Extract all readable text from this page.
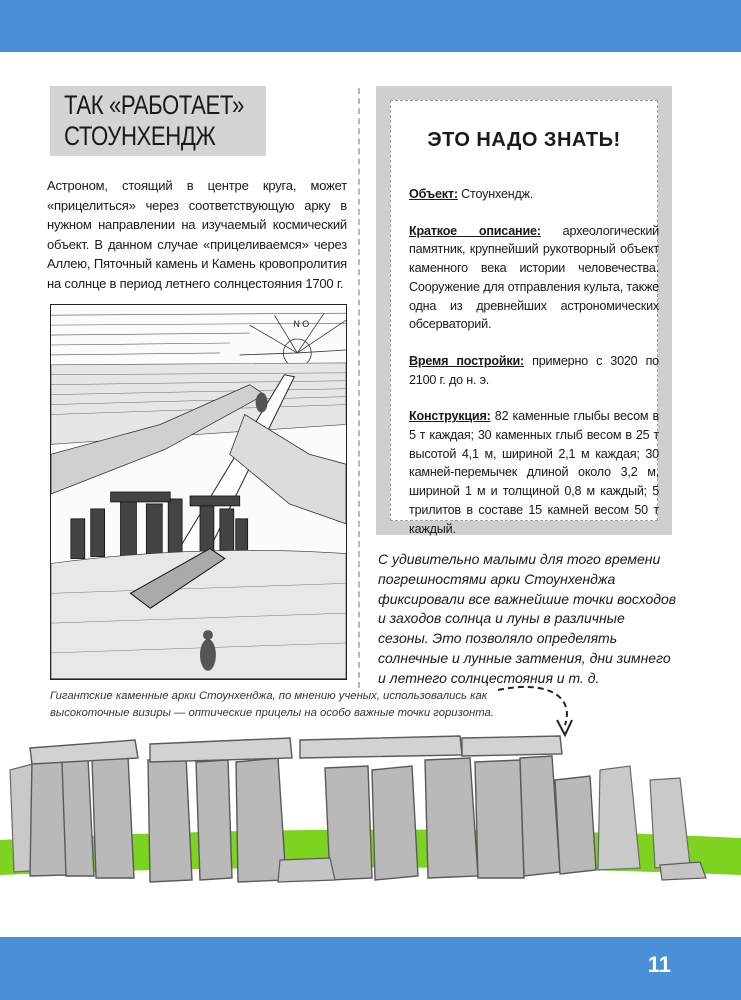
ТАК «РАБОТАЕТ»
СТОУНХЕНДЖ
Астроном, стоящий в центре круга, может «прицелиться» через соответствующую арку в нужном направлении на изучаемый космический объект. В данном случае «прицеливаемся» через Аллею, Пяточный камень и Камень кровопролития на солнце в период летнего солнцестояния 1700 г.
N O
ЭТО НАДО ЗНАТЬ!

Объект: Стоунхендж.

Краткое описание: археологический памятник, крупнейший рукотворный объект каменного века истории человечества. Сооружение для отправления культа, также одна из древнейших астрономических обсерваторий.

Время постройки: примерно с 3020 по 2100 г. до н. э.

Конструкция: 82 каменные глыбы весом в 5 т каждая; 30 каменных глыб весом в 25 т высотой 4,1 м, шириной 2,1 м каждая; 30 камней-перемычек длиной около 3,2 м, шириной 1 м и толщиной 0,8 м каждый; 5 трилитов в составе 15 камней весом 50 т каждый.

С удивительно малыми для того времени погрешностями арки Стоунхенджа фиксировали все важнейшие точки восходов и заходов солнца и луны в различные сезоны. Это позволяло определять солнечные и лунные затмения, дни зимнего и летнего солнцестояния и т. д.
Гигантские каменные арки Стоунхенджа, по мнению ученых, использовались как высокоточные визиры — оптические прицелы на особо важные точки горизонта.
11
